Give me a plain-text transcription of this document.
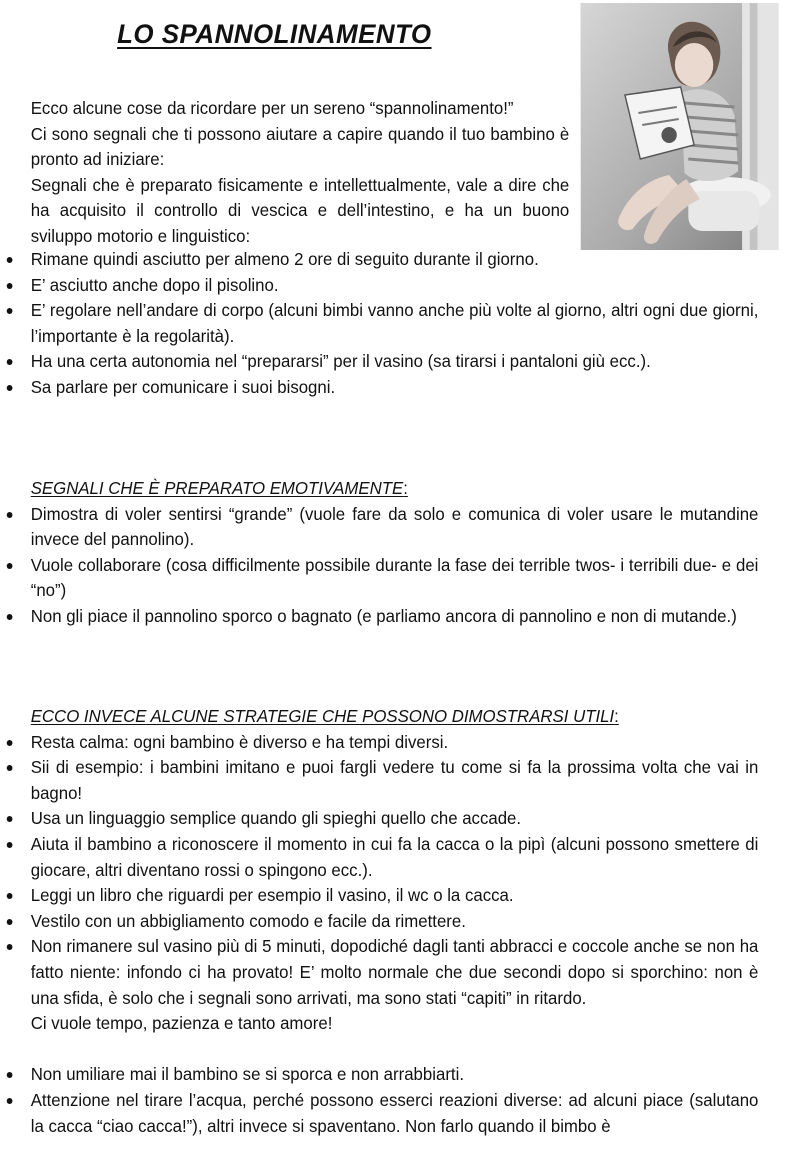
LO SPANNOLINAMENTO

Ecco alcune cose da ricordare per un sereno “spannolinamento!”

Ci sono segnali che ti possono aiutare a capire quando il tuo bambino è pronto ad iniziare:

Segnali che è preparato fisicamente e intellettualmente, vale a dire che ha acquisito il controllo di vescica e dell’intestino, e ha un buono sviluppo motorio e linguistico:

Rimane quindi asciutto per almeno 2 ore di seguito durante il giorno.
E’ asciutto anche dopo il pisolino.
E’ regolare nell’andare di corpo (alcuni bimbi vanno anche più volte al giorno, altri ogni due giorni, l’importante è la regolarità).
Ha una certa autonomia nel “prepararsi” per il vasino (sa tirarsi i pantaloni giù ecc.).
Sa parlare per comunicare i suoi bisogni.

SEGNALI CHE È PREPARATO EMOTIVAMENTE:

Dimostra di voler sentirsi “grande” (vuole fare da solo e comunica di voler usare le mutandine invece del pannolino).
Vuole collaborare (cosa difficilmente possibile durante la fase dei terrible twos- i terribili due- e dei “no”)
Non gli piace il pannolino sporco o bagnato (e parliamo ancora di pannolino e non di mutande.)

ECCO INVECE ALCUNE STRATEGIE CHE POSSONO DIMOSTRARSI UTILI:

Resta calma: ogni bambino è diverso e ha tempi diversi.
Sii di esempio: i bambini imitano e puoi fargli vedere tu come si fa la prossima volta che vai in bagno!
Usa un linguaggio semplice quando gli spieghi quello che accade.
Aiuta il bambino a riconoscere il momento in cui fa la cacca o la pipì (alcuni possono smettere di giocare, altri diventano rossi o spingono ecc.).
Leggi un libro che riguardi per esempio il vasino, il wc o la cacca.
Vestilo con un abbigliamento comodo e facile da rimettere.
Non rimanere sul vasino più di 5 minuti, dopodiché dagli tanti abbracci e coccole anche se non ha fatto niente: infondo ci ha provato! E’ molto normale che due secondi dopo si sporchino: non è una sfida, è solo che i segnali sono arrivati, ma sono stati “capiti” in ritardo.

Ci vuole tempo, pazienza e tanto amore!

Non umiliare mai il bambino se si sporca e non arrabbiarti.
Attenzione nel tirare l’acqua, perché possono esserci reazioni diverse: ad alcuni piace (salutano la cacca “ciao cacca!”), altri invece si spaventano. Non farlo quando il bimbo è
